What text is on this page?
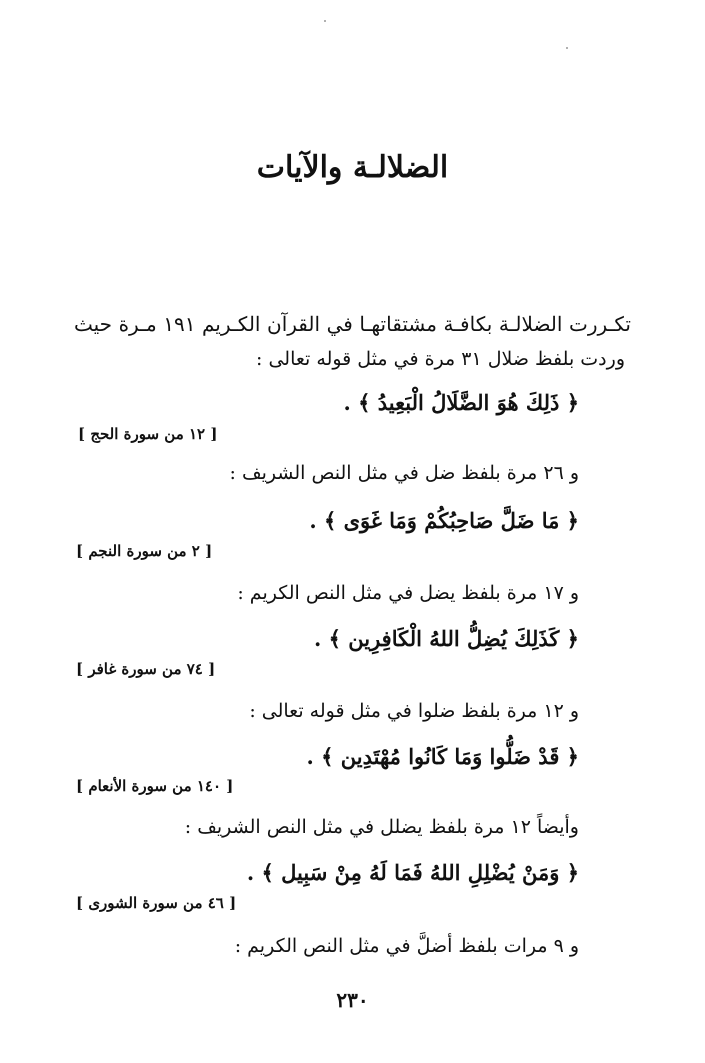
الضلالـة والآيات
تكـررت الضلالـة بكافـة مشتقاتهـا في القرآن الكـريم ١٩١ مـرة حيث
وردت بلفظ ضلال ٣١ مرة في مثل قوله تعالى :
﴿ ذَلِكَ هُوَ الضَّلَالُ الْبَعِيدُ ﴾ .
[ ١٢ من سورة الحج ]
و ٢٦ مرة بلفظ ضل في مثل النص الشريف :
﴿ مَا ضَلَّ صَاحِبُكُمْ وَمَا غَوَى ﴾ .
[ ٢ من سورة النجم ]
و ١٧ مرة بلفظ يضل في مثل النص الكريم :
﴿ كَذَلِكَ يُضِلُّ اللهُ الْكَافِرِين ﴾ .
[ ٧٤ من سورة غافر ]
و ١٢ مرة بلفظ ضلوا في مثل قوله تعالى :
﴿ قَدْ ضَلُّوا وَمَا كَانُوا مُهْتَدِين ﴾ .
[ ١٤٠ من سورة الأنعام ]
وأيضاً ١٢ مرة بلفظ يضلل في مثل النص الشريف :
﴿ وَمَنْ يُضْلِلِ اللهُ فَمَا لَهُ مِنْ سَبِيل ﴾ .
[ ٤٦ من سورة الشورى ]
و ٩ مرات بلفظ أضلَّ في مثل النص الكريم :
٢٣٠
